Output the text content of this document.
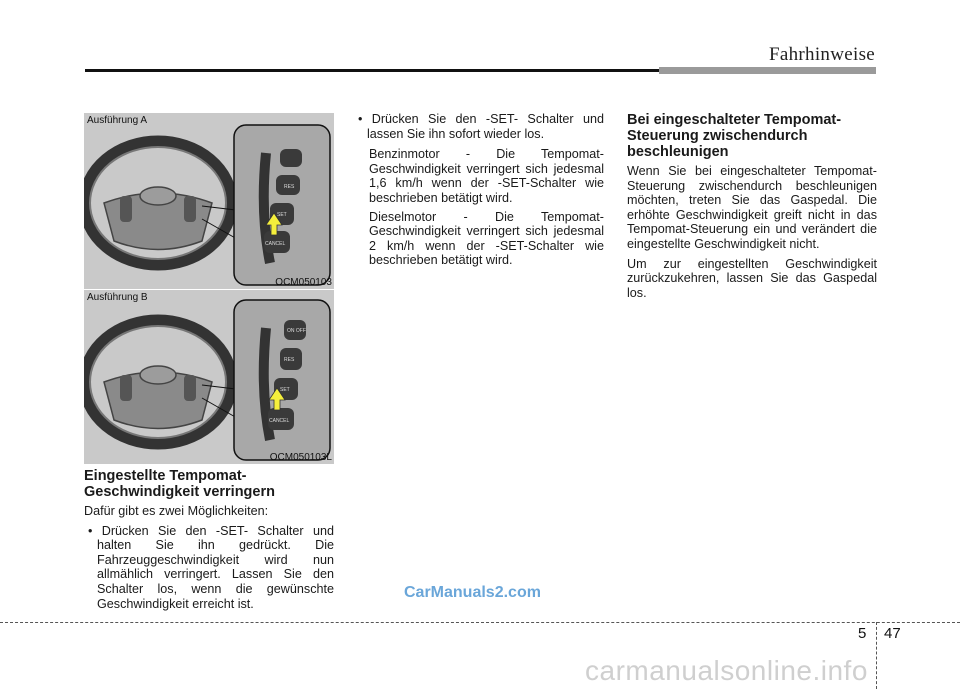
Fahrhinweise
RES
SET
CANCEL
Ausführung A
OCM050103
ON OFF
RES
SET
CANCEL
Ausführung B
OCM050103L
Eingestellte Tempomat-Geschwindigkeit verringern

Dafür gibt es zwei Möglichkeiten:

• Drücken Sie den -SET- Schalter und halten Sie ihn gedrückt. Die Fahrzeuggeschwindigkeit wird nun allmählich verringert. Lassen Sie den Schalter los, wenn die gewünschte Geschwindigkeit erreicht ist.

• Drücken Sie den -SET- Schalter und lassen Sie ihn sofort wieder los.

Benzinmotor - Die Tempomat-Geschwindigkeit verringert sich jedesmal 1,6 km/h wenn der -SET-Schalter wie beschrieben betätigt wird.

Dieselmotor - Die Tempomat-Geschwindigkeit verringert sich jedesmal 2 km/h wenn der -SET-Schalter wie beschrieben betätigt wird.

Bei eingeschalteter Tempomat-Steuerung zwischendurch beschleunigen

Wenn Sie bei eingeschalteter Tempomat-Steuerung zwischendurch beschleunigen möchten, treten Sie das Gaspedal. Die erhöhte Geschwindigkeit greift nicht in das Tempomat-Steuerung ein und verändert die eingestellte Geschwindigkeit nicht.

Um zur eingestellten Geschwindigkeit zurückzukehren, lassen Sie das Gaspedal los.

CarManuals2.com
5 47
carmanualsonline.info
